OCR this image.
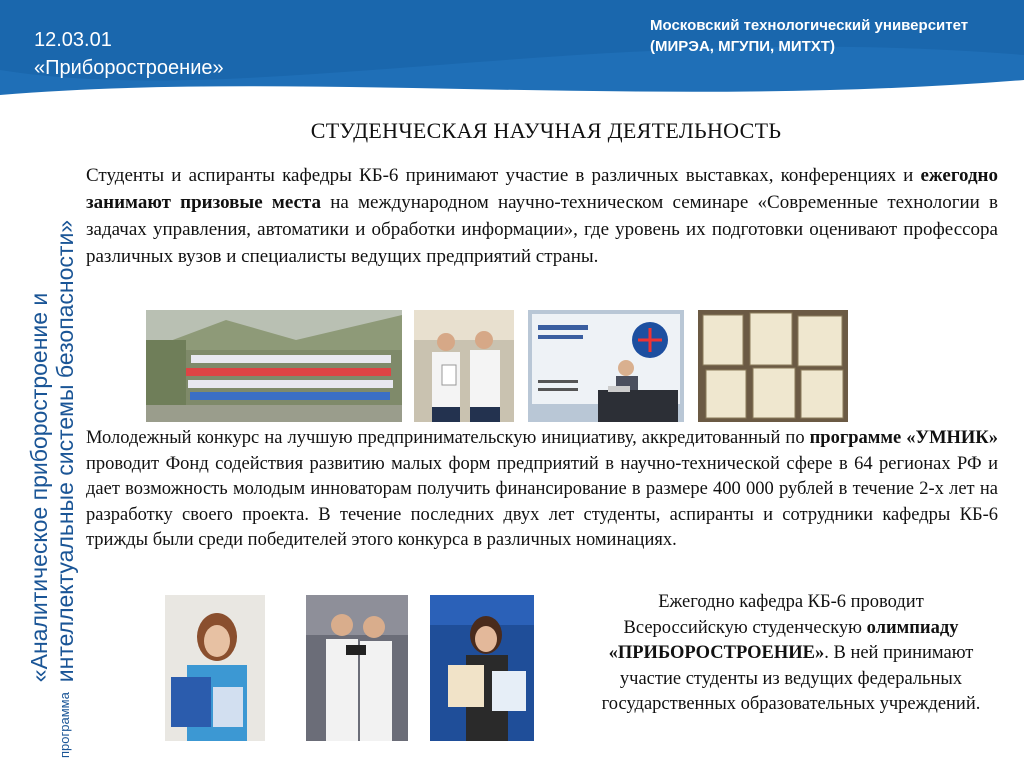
12.03.01
«Приборостроение»
Московский технологический университет
(МИРЭА, МГУПИ, МИТХТ)
программа
«Аналитическое приборостроение и интеллектуальные системы безопасности»
СТУДЕНЧЕСКАЯ НАУЧНАЯ ДЕЯТЕЛЬНОСТЬ
Студенты и аспиранты кафедры КБ-6 принимают участие в различных выставках, конференциях и ежегодно занимают призовые места на международном научно-техническом семинаре «Современные технологии в задачах управления, автоматики и обработки информации», где уровень их подготовки оценивают профессора различных вузов и специалисты ведущих предприятий страны.
Молодежный конкурс на лучшую предпринимательскую инициативу, аккредитованный по программе «УМНИК» проводит Фонд содействия развитию малых форм предприятий в научно-технической сфере в 64 регионах РФ и дает возможность молодым инноваторам получить финансирование в размере 400 000 рублей в течение 2-х лет на разработку своего проекта. В течение последних двух лет студенты, аспиранты и сотрудники кафедры КБ-6 трижды были среди победителей этого конкурса в различных номинациях.
Ежегодно кафедра КБ-6 проводит Всероссийскую студенческую олимпиаду «ПРИБОРОСТРОЕНИЕ». В ней принимают участие студенты из ведущих федеральных государственных образовательных учреждений.
